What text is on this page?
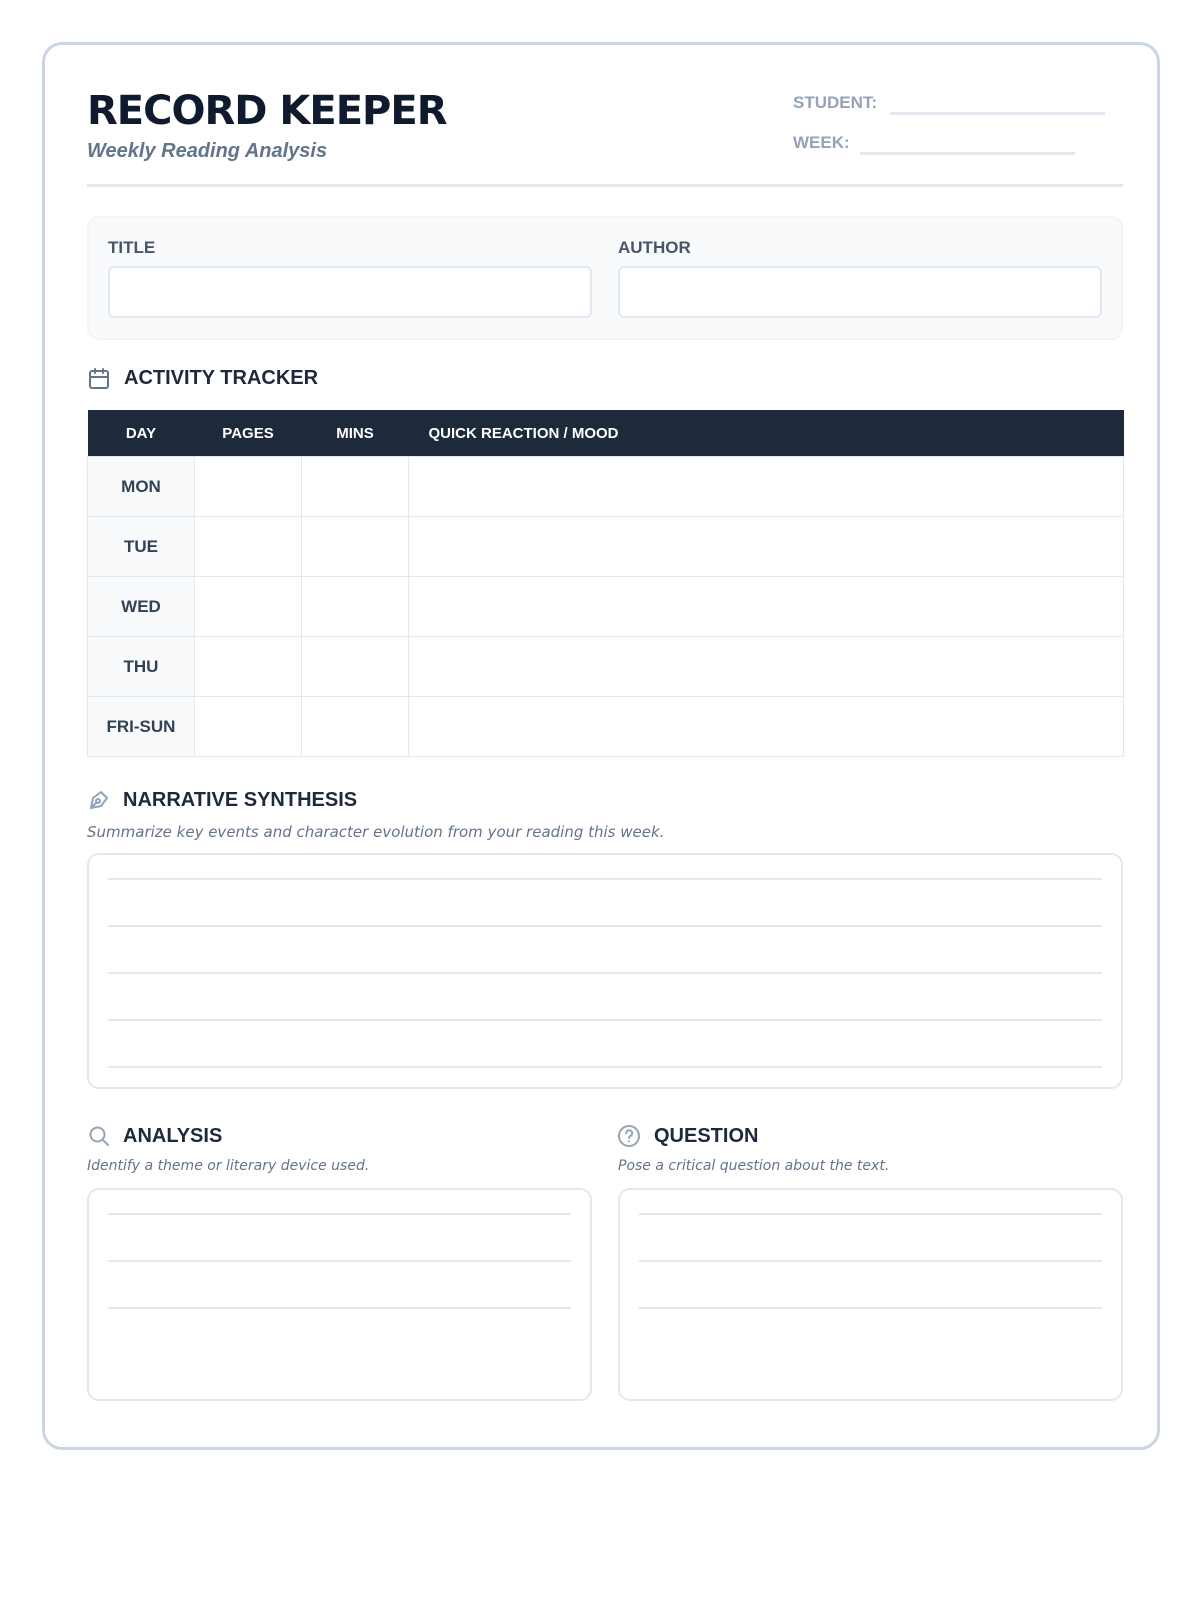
RECORD KEEPER
Weekly Reading Analysis
STUDENT:
WEEK:
TITLE	AUTHOR
ACTIVITY TRACKER
DAY	PAGES	MINS	QUICK REACTION / MOOD
MON			
TUE			
WED			
THU			
FRI-SUN			
NARRATIVE SYNTHESIS
Summarize key events and character evolution from your reading this week.
ANALYSIS
Identify a theme or literary device used.
QUESTION
Pose a critical question about the text.
